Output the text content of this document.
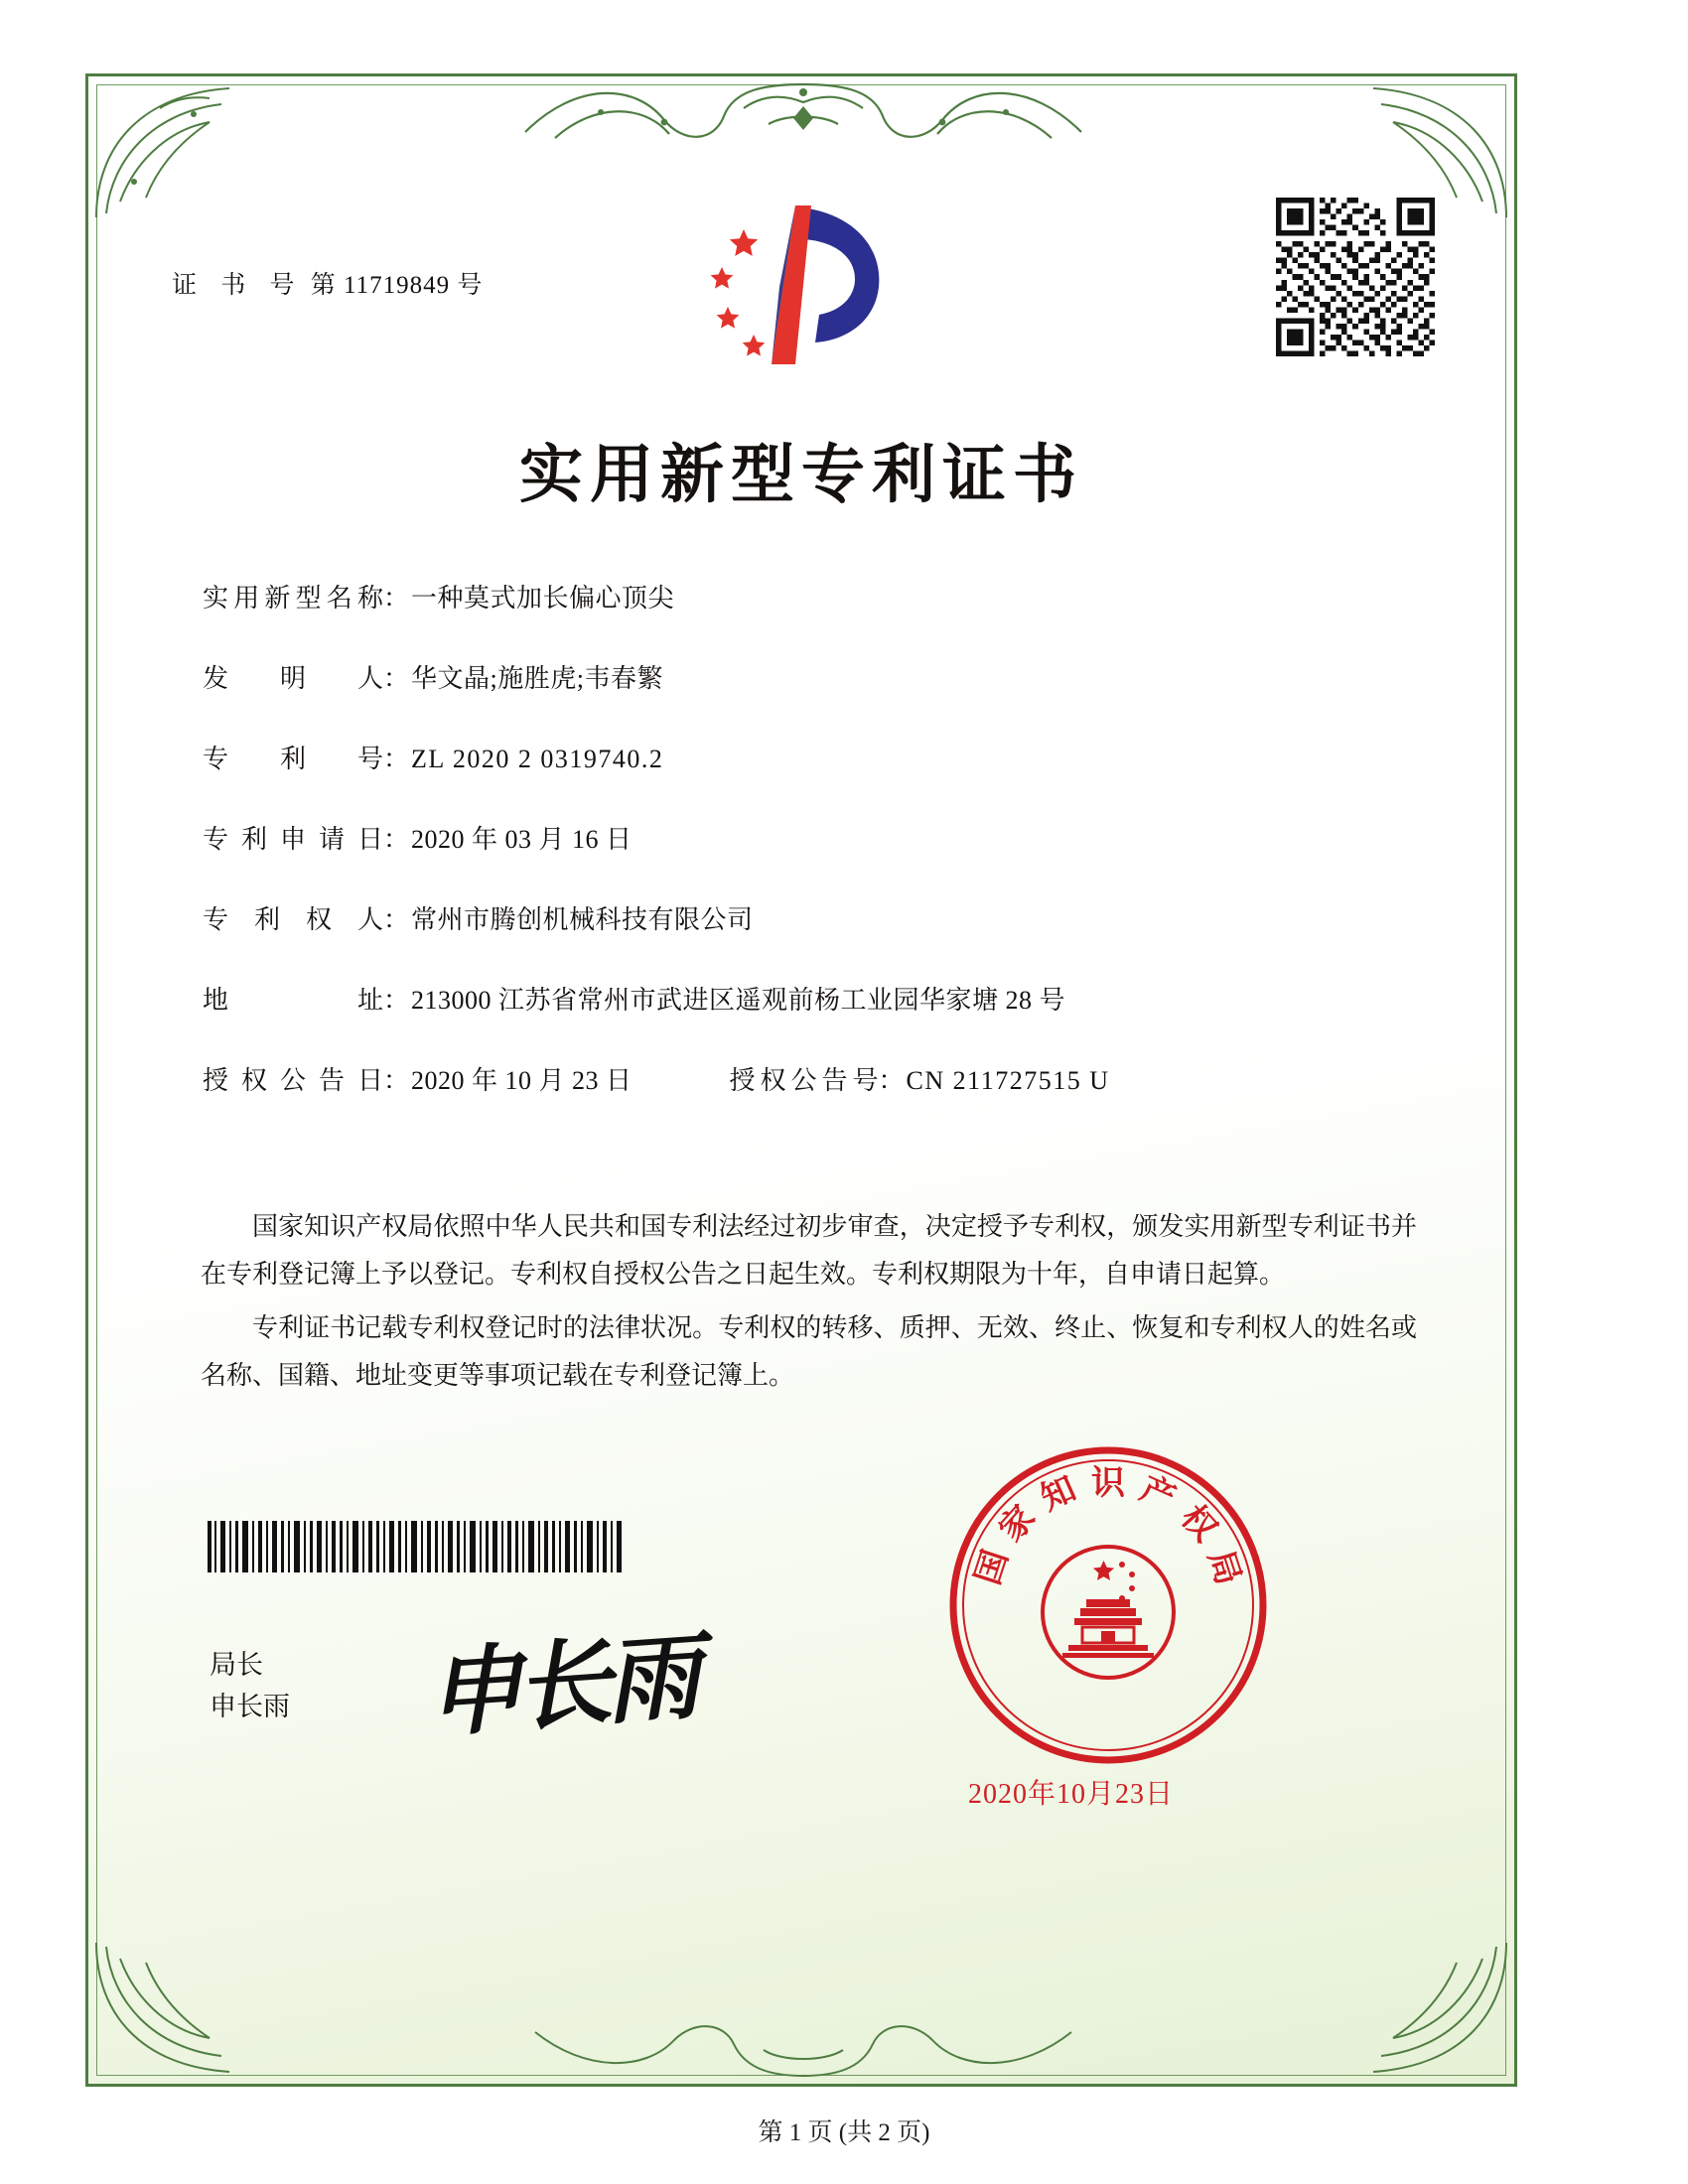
证 书 号 第 11719849 号
实用新型专利证书
实用新型名称 ： 一种莫式加长偏心顶尖
发明人 ： 华文晶;施胜虎;韦春繁
专利号 ： ZL 2020 2 0319740.2
专利申请日 ： 2020 年 03 月 16 日
专利权人 ： 常州市腾创机械科技有限公司
地址 ： 213000 江苏省常州市武进区遥观前杨工业园华家塘 28 号
授权公告日 ： 2020 年 10 月 23 日	授权公告号 ： CN 211727515 U

国家知识产权局依照中华人民共和国专利法经过初步审查，决定授予专利权，颁发实用新型专利证书并在专利登记簿上予以登记。专利权自授权公告之日起生效。专利权期限为十年，自申请日起算。

专利证书记载专利权登记时的法律状况。专利权的转移、质押、无效、终止、恢复和专利权人的姓名或名称、国籍、地址变更等事项记载在专利登记簿上。

局长
申长雨 申长雨
国
家
知 识 产
权
局
2020年10月23日
第 1 页 (共 2 页)
